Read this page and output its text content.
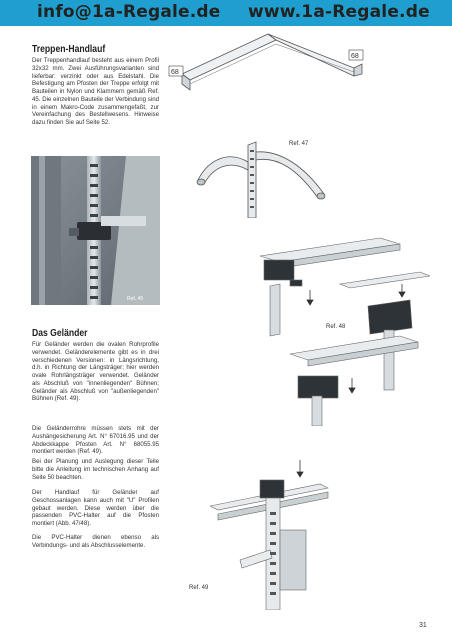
info@1a-Regale.de www.1a-Regale.de
Treppen-Handlauf

Der Treppenhandlauf besteht aus einem Profil 32x32 mm. Zwei Ausführungsvarianten sind lieferbar: verzinkt oder aus Edelstahl. Die Befestigung am Pfosten der Treppe erfolgt mit Bauteilen in Nylon und Klammern gemäß Ref. 45. Die einzelnen Bauteile der Verbindung sind in einem Makro-Code zusammengefaßt, zur Vereinfachung des Bestellwesens. Hinweise dazu finden Sie auf Seite 52.

Ref. 45
68
68
Ref. 47
Ref. 48
Ref. 49
Das Geländer

Für Geländer werden die ovalen Rohrprofile verwendet. Geländerelemente gibt es in drei verschiedenen Versionen: in Längsrichtung, d.h. in Richtung der Längsträger; hier werden ovale Rohrlängsträger verwendet. Geländer als Abschluß von "innenliegenden" Bühnen; Geländer als Abschluß von "außenliegenden" Bühnen (Ref. 49).

Die Geländerrohre müssen stets mit der Aushängesicherung Art. N° 67016.95 und der Abdeckkappe Pfosten Art. N° 68055.95 montiert werden (Ref. 49).

Bei der Planung und Auslegung dieser Teile bitte die Anleitung im technischen Anhang auf Seite 50 beachten.

Der Handlauf für Geländer auf Geschossanlagen kann auch mit "U" Profilen gebaut werden. Diese werden über die passenden PVC-Halter auf die Pfosten montiert (Abb. 47/48).

Die PVC-Halter dienen ebenso als Verbindungs- und als Abschlusselemente.

31
